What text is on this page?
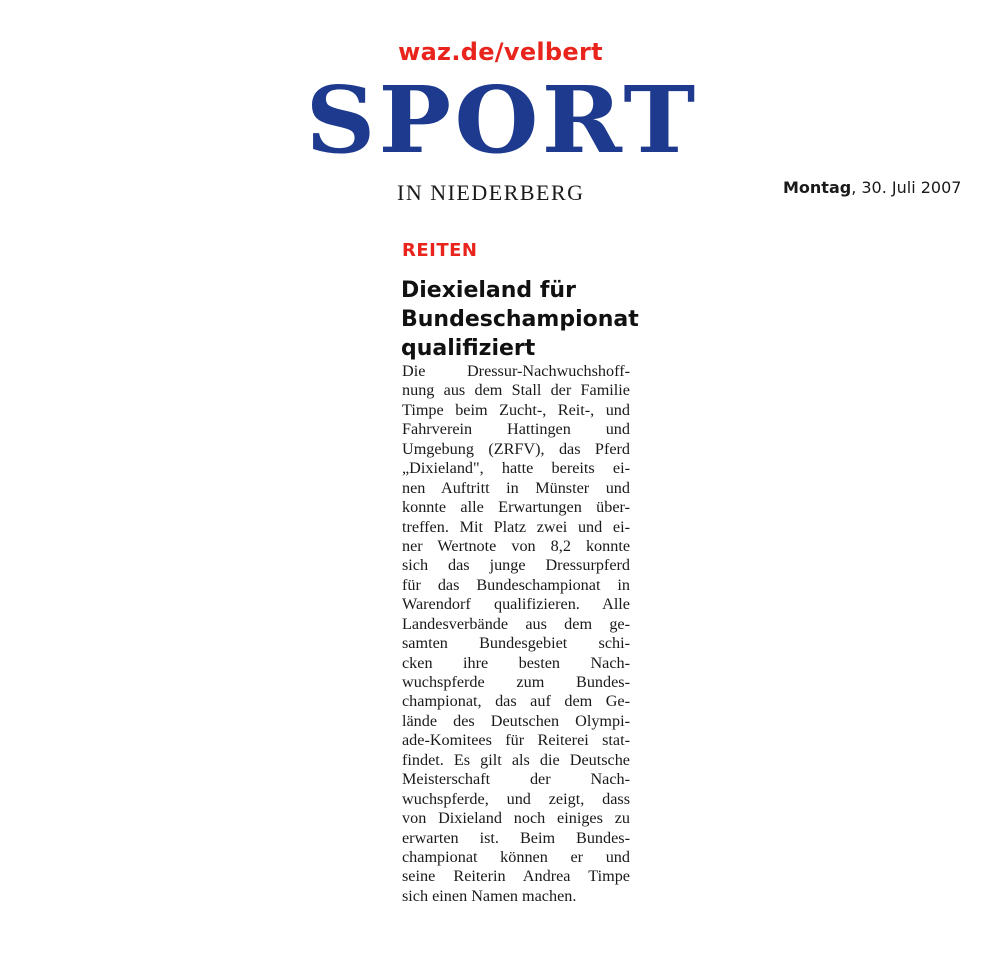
waz.de/velbert
SPORT
IN NIEDERBERG	Montag, 30. Juli 2007
REITEN
Diexieland für
Bundeschampionat
qualifiziert
Die Dressur-Nachwuchshoff-
nung aus dem Stall der Familie
Timpe beim Zucht-, Reit-, und
Fahrverein Hattingen und
Umgebung (ZRFV), das Pferd
„Dixieland", hatte bereits ei-
nen Auftritt in Münster und
konnte alle Erwartungen über-
treffen. Mit Platz zwei und ei-
ner Wertnote von 8,2 konnte
sich das junge Dressurpferd
für das Bundeschampionat in
Warendorf qualifizieren. Alle
Landesverbände aus dem ge-
samten Bundesgebiet schi-
cken ihre besten Nach-
wuchspferde zum Bundes-
championat, das auf dem Ge-
lände des Deutschen Olympi-
ade-Komitees für Reiterei stat-
findet. Es gilt als die Deutsche
Meisterschaft der Nach-
wuchspferde, und zeigt, dass
von Dixieland noch einiges zu
erwarten ist. Beim Bundes-
championat können er und
seine Reiterin Andrea Timpe
sich einen Namen machen.
